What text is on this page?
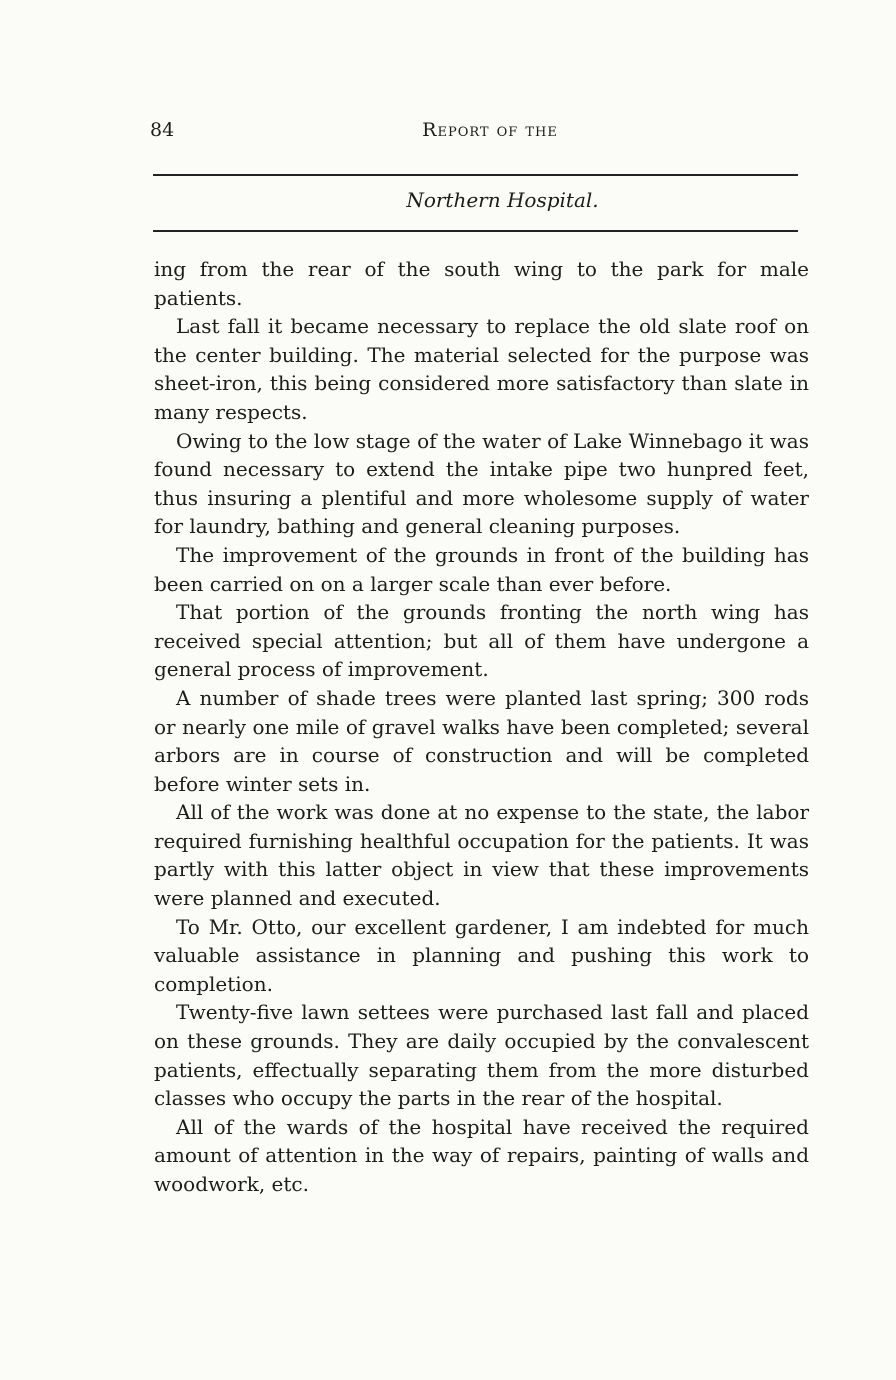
84	Report of the
Northern Hospital.

ing from the rear of the south wing to the park for male patients.

Last fall it became necessary to replace the old slate roof on the center building. The material selected for the purpose was sheet-iron, this being considered more satisfactory than slate in many respects.

Owing to the low stage of the water of Lake Winnebago it was found necessary to extend the intake pipe two hunpred feet, thus insuring a plentiful and more wholesome supply of water for laundry, bathing and general cleaning purposes.

The improvement of the grounds in front of the building has been carried on on a larger scale than ever before.

That portion of the grounds fronting the north wing has received special attention; but all of them have undergone a general process of improvement.

A number of shade trees were planted last spring; 300 rods or nearly one mile of gravel walks have been completed; several arbors are in course of construction and will be completed before winter sets in.

All of the work was done at no expense to the state, the labor required furnishing healthful occupation for the patients. It was partly with this latter object in view that these improvements were planned and executed.

To Mr. Otto, our excellent gardener, I am indebted for much valuable assistance in planning and pushing this work to completion.

Twenty-five lawn settees were purchased last fall and placed on these grounds. They are daily occupied by the convalescent patients, effectually separating them from the more disturbed classes who occupy the parts in the rear of the hospital.

All of the wards of the hospital have received the required amount of attention in the way of repairs, painting of walls and woodwork, etc.
